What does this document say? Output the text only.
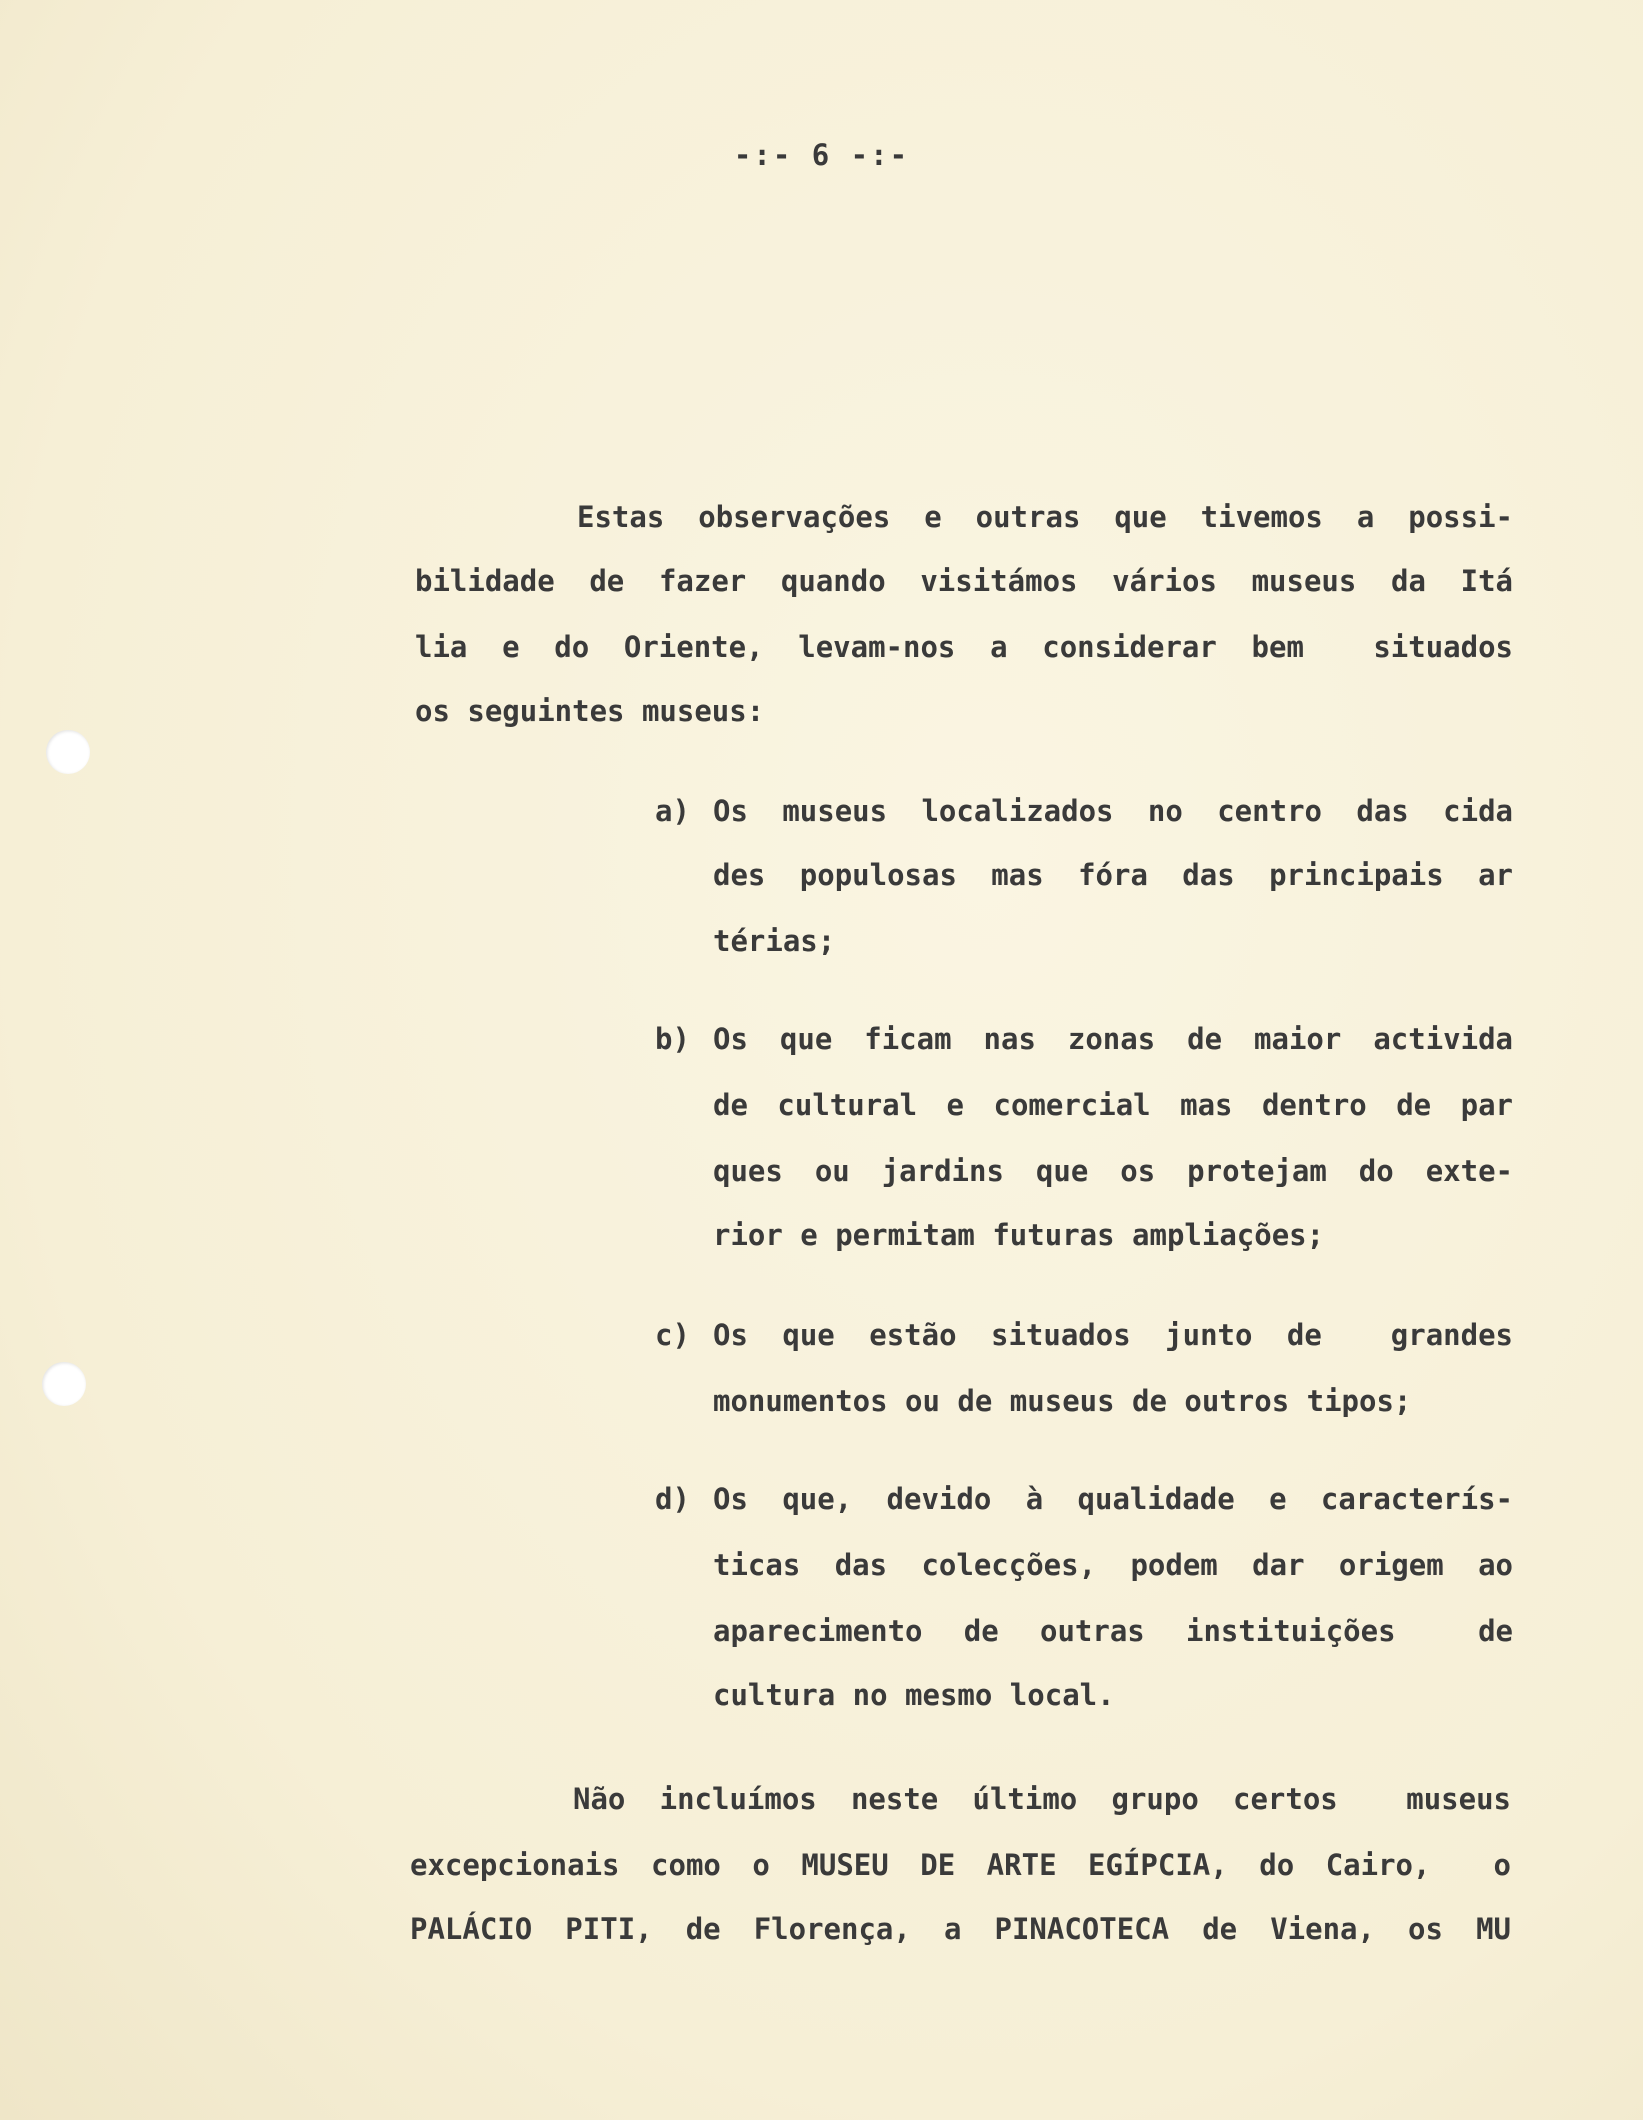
-:- 6 -:-
Estas observações e outras que tivemos a possi-
bilidade de fazer quando visitámos vários museus da Itá
lia e do Oriente, levam-nos a considerar bem  situados
os seguintes museus:
a) Os museus localizados no centro das cida
des populosas mas fóra das principais ar
térias;
b) Os que ficam nas zonas de maior activida
de cultural e comercial mas dentro de par
ques ou jardins que os protejam do exte-
rior e permitam futuras ampliações;
c) Os que estão situados junto de  grandes
monumentos ou de museus de outros tipos;
d) Os que, devido à qualidade e caracterís-
ticas das colecções, podem dar origem ao
aparecimento de outras instituições  de
cultura no mesmo local.
Não incluímos neste último grupo certos  museus
excepcionais como o MUSEU DE ARTE EGÍPCIA, do Cairo,  o
PALÁCIO PITI, de Florença, a PINACOTECA de Viena, os MU
